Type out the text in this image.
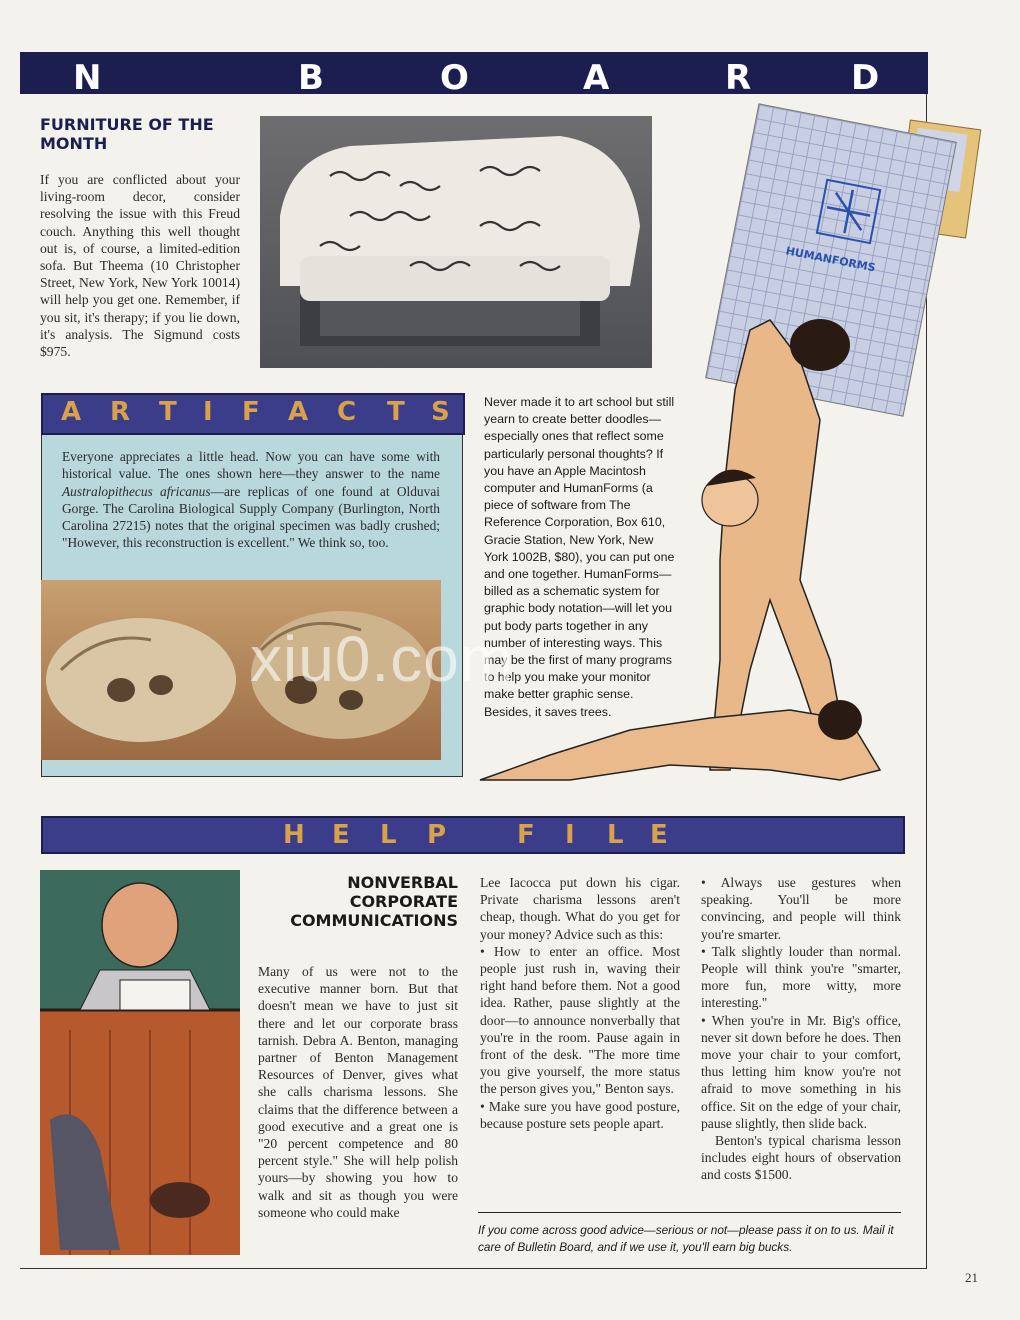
N	B	O	A	R	D
FURNITURE OF THE MONTH

If you are conflicted about your living-room decor, consider resolving the issue with this Freud couch. Anything this well thought out is, of course, a limited-edition sofa. But Theema (10 Christopher Street, New York, New York 10014) will help you get one. Remember, if you sit, it's therapy; if you lie down, it's analysis. The Sigmund costs $975.

HUMANFORMS
A R T I F A C T S

Everyone appreciates a little head. Now you can have some with historical value. The ones shown here—they answer to the name Australopithecus africanus—are replicas of one found at Olduvai Gorge. The Carolina Biological Supply Company (Burlington, North Carolina 27215) notes that the original specimen was badly crushed; "However, this reconstruction is excellent." We think so, too.

Never made it to art school but still yearn to create better doodles—especially ones that reflect some particularly personal thoughts? If you have an Apple Macintosh computer and HumanForms (a piece of software from The Reference Corporation, Box 610, Gracie Station, New York, New York 1002B, $80), you can put one and one together. HumanForms—billed as a schematic system for graphic body notation—will let you put body parts together in any number of interesting ways. This may be the first of many programs to help you make your monitor make better graphic sense. Besides, it saves trees.

xiu0.com
H E L P	F I L E
NONVERBAL
CORPORATE
COMMUNICATIONS

Many of us were not to the executive manner born. But that doesn't mean we have to just sit there and let our corporate brass tarnish. Debra A. Benton, managing partner of Benton Management Resources of Denver, gives what she calls charisma lessons. She claims that the difference between a good executive and a great one is "20 percent competence and 80 percent style." She will help polish yours—by showing you how to walk and sit as though you were someone who could make

Lee Iacocca put down his cigar. Private charisma lessons aren't cheap, though. What do you get for your money? Advice such as this:

• How to enter an office. Most people just rush in, waving their right hand before them. Not a good idea. Rather, pause slightly at the door—to announce nonverbally that you're in the room. Pause again in front of the desk. "The more time you give yourself, the more status the person gives you," Benton says.

• Make sure you have good posture, because posture sets people apart.

• Always use gestures when speaking. You'll be more convincing, and people will think you're smarter.

• Talk slightly louder than normal. People will think you're "smarter, more fun, more witty, more interesting."

• When you're in Mr. Big's office, never sit down before he does. Then move your chair to your comfort, thus letting him know you're not afraid to move something in his office. Sit on the edge of your chair, pause slightly, then slide back.

Benton's typical charisma lesson includes eight hours of observation and costs $1500.

If you come across good advice—serious or not—please pass it on to us. Mail it care of Bulletin Board, and if we use it, you'll earn big bucks.

21
